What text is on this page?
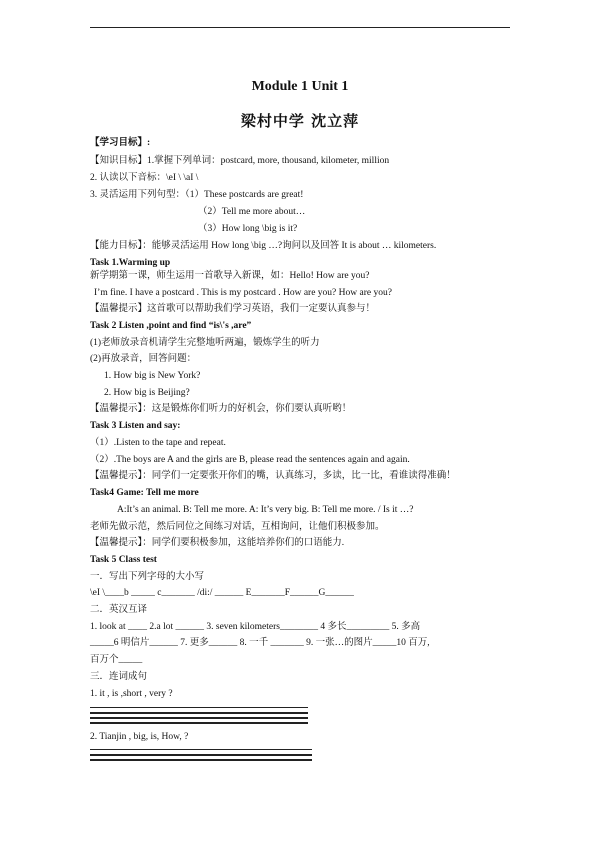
Module 1 Unit 1
梁村中学 沈立萍
【学习目标】:
【知识目标】1.掌握下列单词：postcard, more, thousand, kilometer, million
2. 认读以下音标：\eI \ \aI \
3. 灵活运用下列句型：（1）These postcards are great!
（2）Tell me more about…
（3）How long \big is it?
【能力目标】：能够灵活运用 How long \big …?询问以及回答 It is about … kilometers.
Task 1.Warming up
新学期第一课，师生运用一首歌导入新课，如：Hello! How are you?
I’m fine. I have a postcard . This is my postcard . How are you? How are you?
【温馨提示】这首歌可以帮助我们学习英语，我们一定要认真参与！
Task 2 Listen ,point and find “is\'s ,are”
(1)老师放录音机请学生完整地听两遍，锻炼学生的听力
(2)再放录音，回答问题：
1. How big is New York?
2. How big is Beijing?
【温馨提示】：这是锻炼你们听力的好机会，你们要认真听哟！
Task 3 Listen and say:
（1）.Listen to the tape and repeat.
（2）.The boys are A and the girls are B, please read the sentences again and again.
【温馨提示】：同学们一定要张开你们的嘴，认真练习，多读，比一比，看谁读得准确！
Task4 Game: Tell me more
A:It’s an animal. B: Tell me more. A: It’s very big. B: Tell me more. / Is it …?
老师先做示范，然后同位之间练习对话，互相询问，让他们积极参加。
【温馨提示】：同学们要积极参加，这能培养你们的口语能力.
Task 5 Class test
一．写出下列字母的大小写
\eI \____b _____ c_______ /di:/ ______ E_______F______G______
二．英汉互译
1. look at ____ 2.a lot ______ 3. seven kilometers________ 4 多长_________ 5. 多高
_____6 明信片______ 7. 更多______ 8. 一千 _______ 9. 一张…的图片_____10 百万,
百万个_____
三．连词成句
1. it , is ,short , very ?
2. Tianjin , big, is, How, ?
